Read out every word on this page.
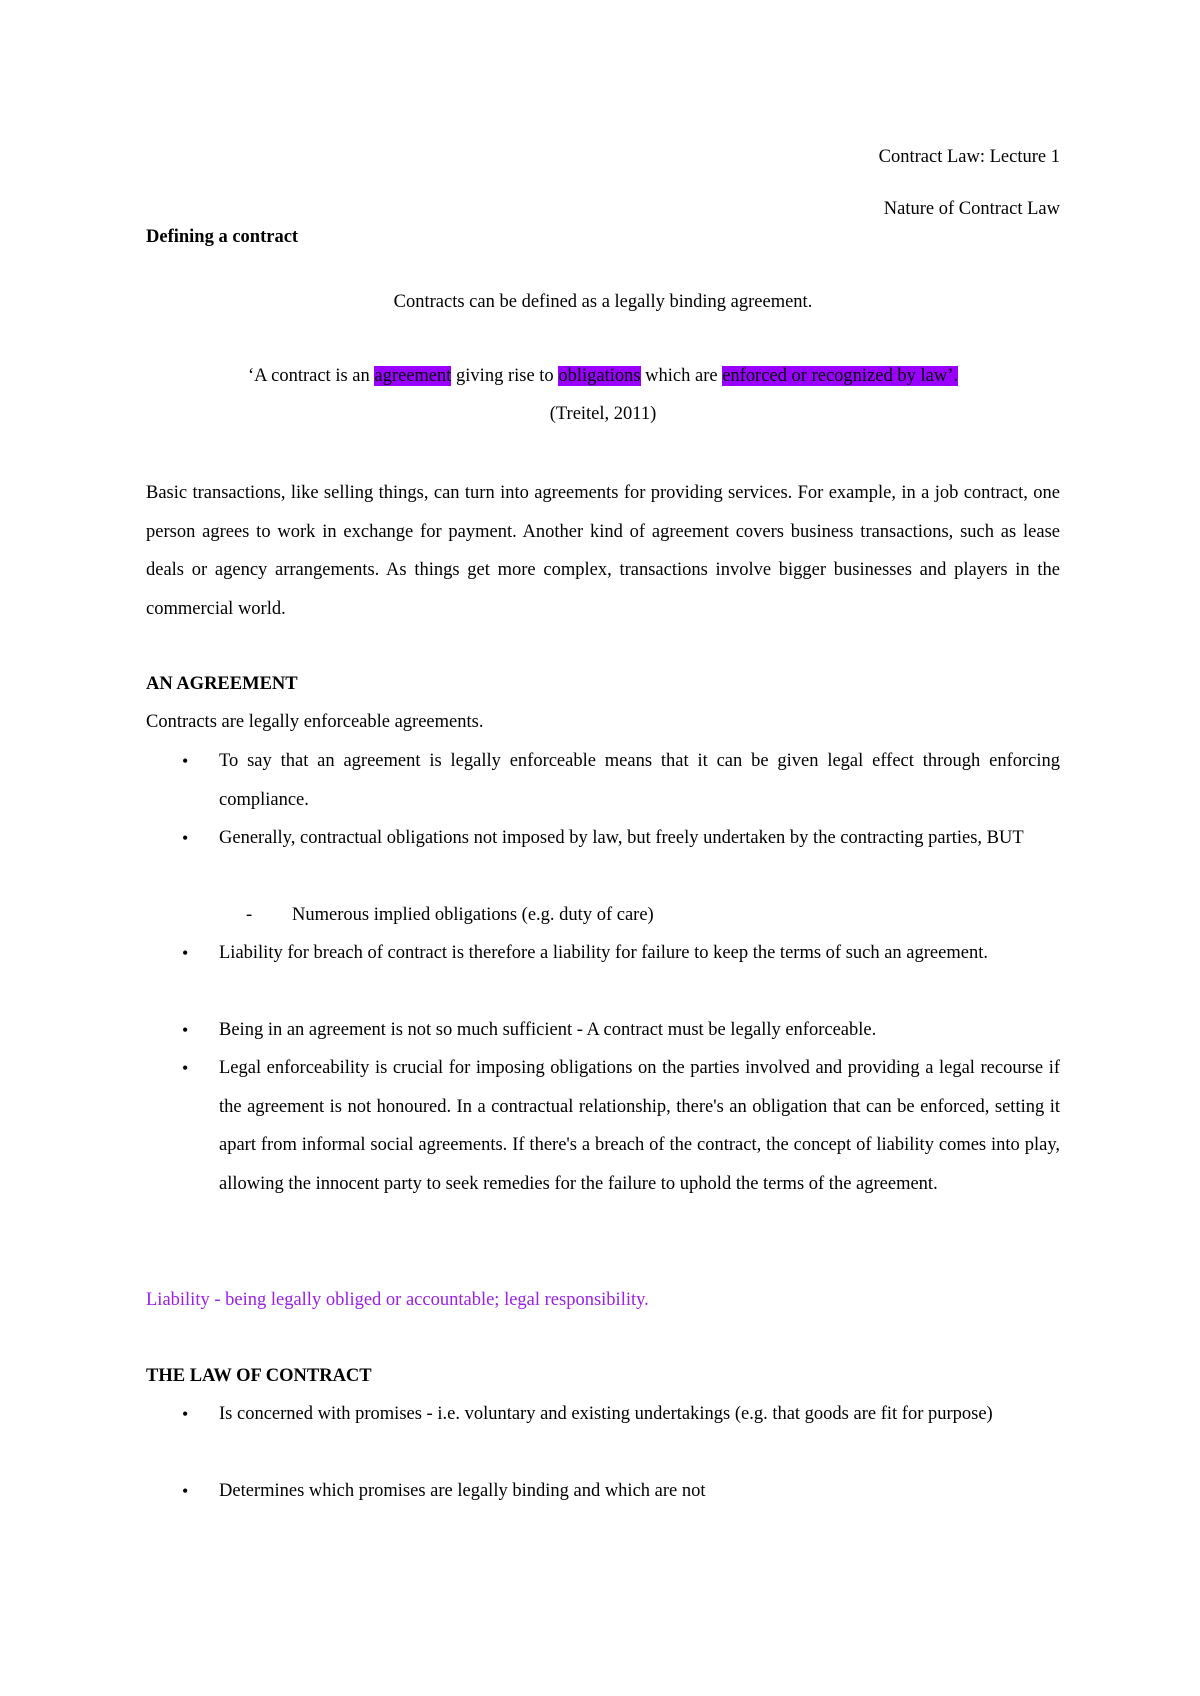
Contract Law: Lecture 1
Nature of Contract Law
Defining a contract
Contracts can be defined as a legally binding agreement.
‘A contract is an agreement giving rise to obligations which are enforced or recognized by law’.
(Treitel, 2011)
Basic transactions, like selling things, can turn into agreements for providing services. For example, in a job contract, one person agrees to work in exchange for payment. Another kind of agreement covers business transactions, such as lease deals or agency arrangements. As things get more complex, transactions involve bigger businesses and players in the commercial world.
AN AGREEMENT
Contracts are legally enforceable agreements.
• To say that an agreement is legally enforceable means that it can be given legal effect through enforcing compliance.
• Generally, contractual obligations not imposed by law, but freely undertaken by the contracting parties, BUT
- Numerous implied obligations (e.g. duty of care)
• Liability for breach of contract is therefore a liability for failure to keep the terms of such an agreement.
• Being in an agreement is not so much sufficient - A contract must be legally enforceable.
• Legal enforceability is crucial for imposing obligations on the parties involved and providing a legal recourse if the agreement is not honoured. In a contractual relationship, there's an obligation that can be enforced, setting it apart from informal social agreements. If there's a breach of the contract, the concept of liability comes into play, allowing the innocent party to seek remedies for the failure to uphold the terms of the agreement.
Liability - being legally obliged or accountable; legal responsibility.
THE LAW OF CONTRACT
• Is concerned with promises - i.e. voluntary and existing undertakings (e.g. that goods are fit for purpose)
• Determines which promises are legally binding and which are not
